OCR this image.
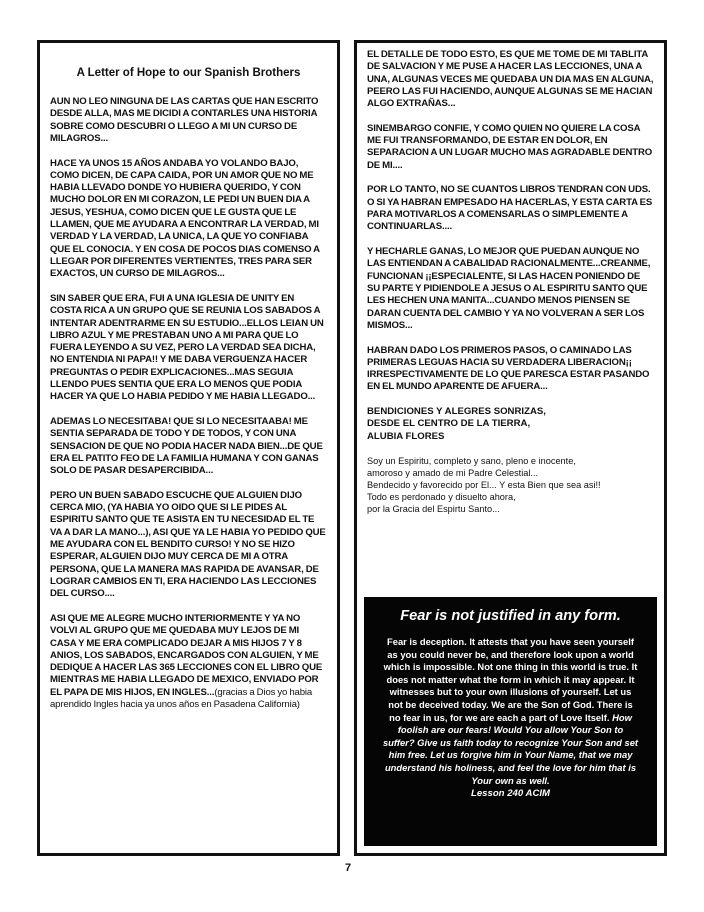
A Letter of Hope to our Spanish Brothers

AUN NO LEO NINGUNA DE LAS CARTAS QUE HAN ESCRITO DESDE ALLA, MAS ME DICIDI A CONTARLES UNA HISTORIA SOBRE COMO DESCUBRI O LLEGO A MI UN CURSO DE MILAGROS...

HACE YA UNOS 15 AÑOS ANDABA YO VOLANDO BAJO, COMO DICEN, DE CAPA CAIDA, POR UN AMOR QUE NO ME HABIA LLEVADO DONDE YO HUBIERA QUERIDO, Y CON MUCHO DOLOR EN MI CORAZON, LE PEDI UN BUEN DIA A JESUS, YESHUA, COMO DICEN QUE LE GUSTA QUE LE LLAMEN, QUE ME AYUDARA A ENCONTRAR LA VERDAD, MI VERDAD Y LA VERDAD, LA UNICA, LA QUE YO CONFIABA QUE EL CONOCIA. Y EN COSA DE POCOS DIAS COMENSO A LLEGAR POR DIFERENTES VERTIENTES, TRES PARA SER EXACTOS, UN CURSO DE MILAGROS...

SIN SABER QUE ERA, FUI A UNA IGLESIA DE UNITY EN COSTA RICA A UN GRUPO QUE SE REUNIA LOS SABADOS A INTENTAR ADENTRARME EN SU ESTUDIO...ELLOS LEIAN UN LIBRO AZUL Y ME PRESTABAN UNO A MI PARA QUE LO FUERA LEYENDO A SU VEZ, PERO LA VERDAD SEA DICHA, NO ENTENDIA NI PAPA!! Y ME DABA VERGUENZA HACER PREGUNTAS O PEDIR EXPLICACIONES...MAS SEGUIA LLENDO PUES SENTIA QUE ERA LO MENOS QUE PODIA HACER YA QUE LO HABIA PEDIDO Y ME HABIA LLEGADO...

ADEMAS LO NECESITABA! QUE SI LO NECESITAABA! ME SENTIA SEPARADA DE TODO Y DE TODOS, Y CON UNA SENSACION DE QUE NO PODIA HACER NADA BIEN...DE QUE ERA EL PATITO FEO DE LA FAMILIA HUMANA Y CON GANAS SOLO DE PASAR DESAPERCIBIDA...

PERO UN BUEN SABADO ESCUCHE QUE ALGUIEN DIJO CERCA MIO, (YA HABIA YO OIDO QUE SI LE PIDES AL ESPIRITU SANTO QUE TE ASISTA EN TU NECESIDAD EL TE VA A DAR LA MANO...), ASI QUE YA LE HABIA YO PEDIDO QUE ME AYUDARA CON EL BENDITO CURSO! Y NO SE HIZO ESPERAR, ALGUIEN DIJO MUY CERCA DE MI A OTRA PERSONA, QUE LA MANERA MAS RAPIDA DE AVANSAR, DE LOGRAR CAMBIOS EN TI, ERA HACIENDO LAS LECCIONES DEL CURSO....

ASI QUE ME ALEGRE MUCHO INTERIORMENTE Y YA NO VOLVI AL GRUPO QUE ME QUEDABA MUY LEJOS DE MI CASA Y ME ERA COMPLICADO DEJAR A MIS HIJOS 7 Y 8 ANIOS, LOS SABADOS, ENCARGADOS CON ALGUIEN, Y ME DEDIQUE A HACER LAS 365 LECCIONES CON EL LIBRO QUE MIENTRAS ME HABIA LLEGADO DE MEXICO, ENVIADO POR EL PAPA DE MIS HIJOS, EN INGLES...(gracias a Dios yo habia aprendido Ingles hacia ya unos años en Pasadena California)

EL DETALLE DE TODO ESTO, ES QUE ME TOME DE MI TABLITA DE SALVACION Y ME PUSE A HACER LAS LECCIONES, UNA A UNA, ALGUNAS VECES ME QUEDABA UN DIA MAS EN ALGUNA, PEERO LAS FUI HACIENDO, AUNQUE ALGUNAS SE ME HACIAN ALGO EXTRAÑAS...

SINEMBARGO CONFIE, Y COMO QUIEN NO QUIERE LA COSA ME FUI TRANSFORMANDO, DE ESTAR EN DOLOR, EN SEPARACION A UN LUGAR MUCHO MAS AGRADABLE DENTRO DE MI....

POR LO TANTO, NO SE CUANTOS LIBROS TENDRAN CON UDS. O SI YA HABRAN EMPESADO HA HACERLAS, Y ESTA CARTA ES PARA MOTIVARLOS A COMENSARLAS O SIMPLEMENTE A CONTINUARLAS....

Y HECHARLE GANAS, LO MEJOR QUE PUEDAN AUNQUE NO LAS ENTIENDAN A CABALIDAD RACIONALMENTE...CREANME, FUNCIONAN ¡¡ESPECIALENTE, SI LAS HACEN PONIENDO DE SU PARTE Y PIDIENDOLE A JESUS O AL ESPIRITU SANTO QUE LES HECHEN UNA MANITA...CUANDO MENOS PIENSEN SE DARAN CUENTA DEL CAMBIO Y YA NO VOLVERAN A SER LOS MISMOS...

HABRAN DADO LOS PRIMEROS PASOS, O CAMINADO LAS PRIMERAS LEGUAS HACIA SU VERDADERA LIBERACION¡¡ IRRESPECTIVAMENTE DE LO QUE PARESCA ESTAR PASANDO EN EL MUNDO APARENTE DE AFUERA...

BENDICIONES Y ALEGRES SONRIZAS,
DESDE EL CENTRO DE LA TIERRA,
ALUBIA FLORES
Soy un Espiritu, completo y sano, pleno e inocente,
amoroso y amado de mi Padre Celestial...
Bendecido y favorecido por El... Y esta Bien que sea asi!!
Todo es perdonado y disuelto ahora,
por la Gracia del Espirtu Santo...
Fear is not justified in any form.
Fear is deception. It attests that you have seen yourself as you could never be, and therefore look upon a world which is impossible. Not one thing in this world is true. It does not matter what the form in which it may appear. It witnesses but to your own illusions of yourself. Let us not be deceived today. We are the Son of God. There is no fear in us, for we are each a part of Love Itself. How foolish are our fears! Would You allow Your Son to suffer? Give us faith today to recognize Your Son and set him free. Let us forgive him in Your Name, that we may understand his holiness, and feel the love for him that is Your own as well.
Lesson 240 ACIM
7
